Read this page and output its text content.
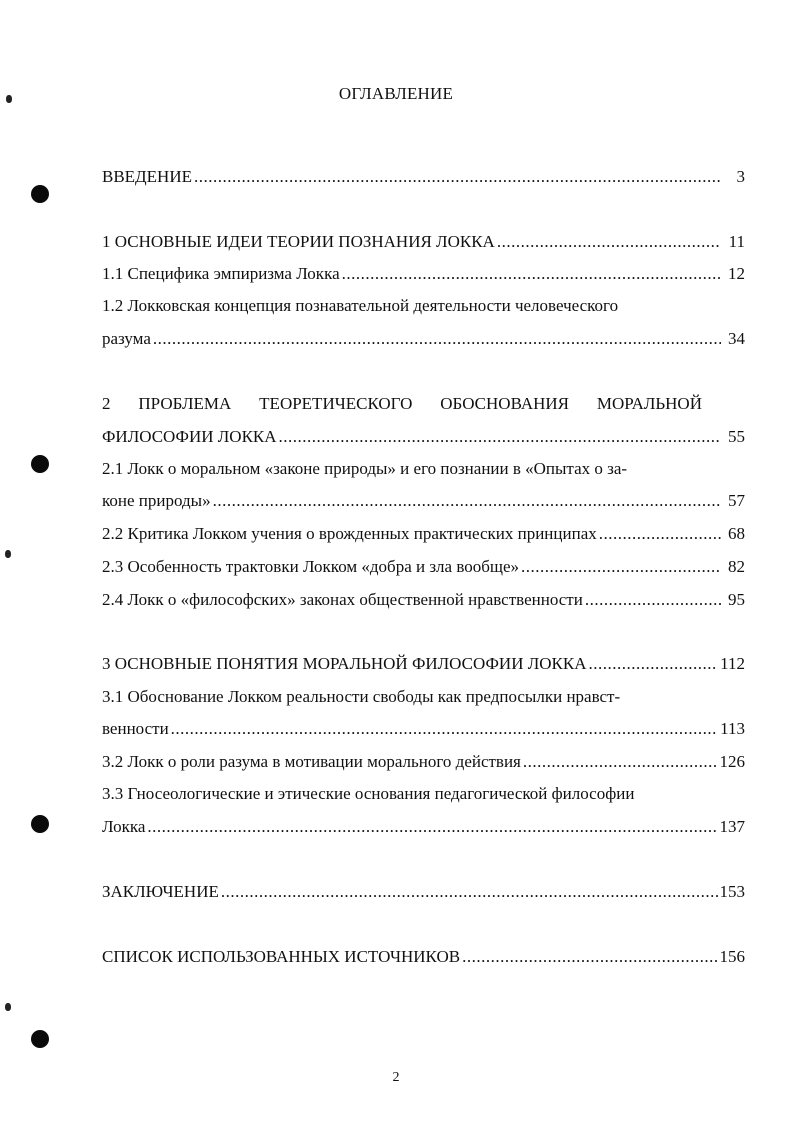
ОГЛАВЛЕНИЕ
ВВЕДЕНИЕ .....	3
1 ОСНОВНЫЕ ИДЕИ ТЕОРИИ ПОЗНАНИЯ ЛОККА .....	11
1.1 Специфика эмпиризма Локка .....	12
1.2 Локковская концепция познавательной деятельности человеческого
разума .....	34
2 ПРОБЛЕМА ТЕОРЕТИЧЕСКОГО ОБОСНОВАНИЯ МОРАЛЬНОЙ
ФИЛОСОФИИ ЛОККА .....	55
2.1 Локк о моральном «законе природы» и его познании в «Опытах о за-
коне природы» .....	57
2.2 Критика Локком учения о врожденных практических принципах .....	68
2.3 Особенность трактовки Локком «добра и зла вообще» .....	82
2.4 Локк о «философских» законах общественной нравственности .....	95
3 ОСНОВНЫЕ ПОНЯТИЯ МОРАЛЬНОЙ ФИЛОСОФИИ ЛОККА .....	112
3.1 Обоснование Локком реальности свободы как предпосылки нравст-
венности .....	113
3.2 Локк о роли разума в мотивации морального действия .....	126
3.3 Гносеологические и этические основания педагогической философии
Локка .....	137
ЗАКЛЮЧЕНИЕ .....	153
СПИСОК ИСПОЛЬЗОВАННЫХ ИСТОЧНИКОВ .....	156
2
